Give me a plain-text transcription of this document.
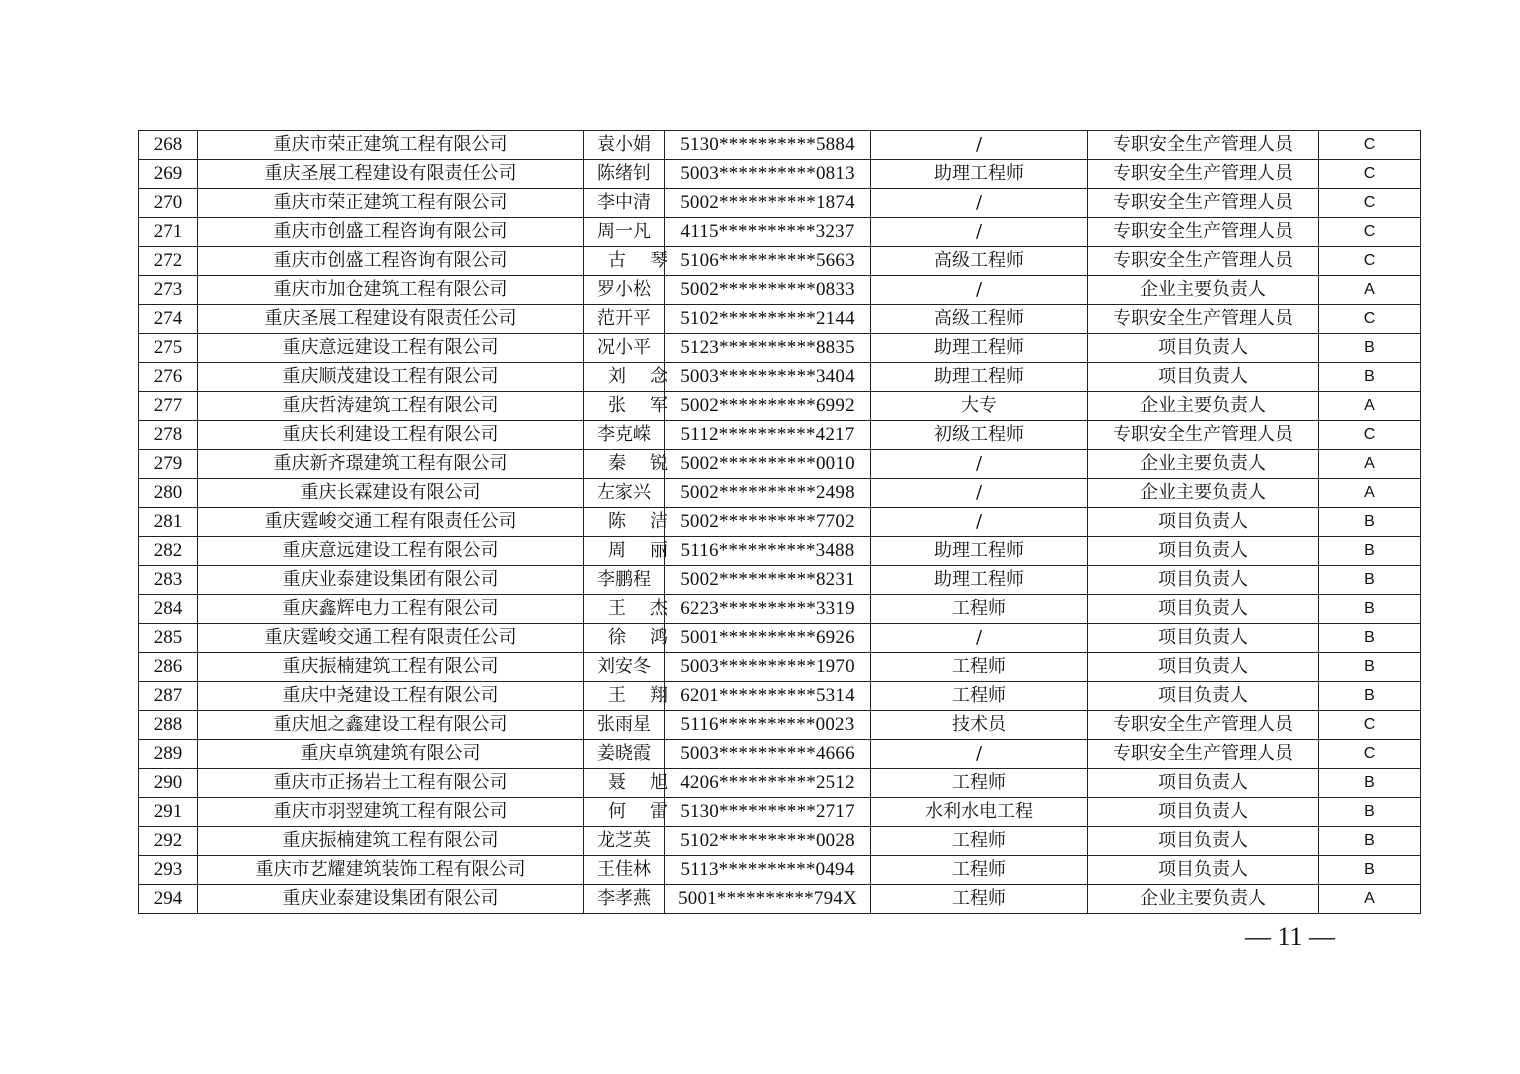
268	重庆市荣正建筑工程有限公司	袁小娟	5130**********5884	/	专职安全生产管理人员	C
269	重庆圣展工程建设有限责任公司	陈绪钊	5003**********0813	助理工程师	专职安全生产管理人员	C
270	重庆市荣正建筑工程有限公司	李中清	5002**********1874	/	专职安全生产管理人员	C
271	重庆市创盛工程咨询有限公司	周一凡	4115**********3237	/	专职安全生产管理人员	C
272	重庆市创盛工程咨询有限公司	古琴	5106**********5663	高级工程师	专职安全生产管理人员	C
273	重庆市加仓建筑工程有限公司	罗小松	5002**********0833	/	企业主要负责人	A
274	重庆圣展工程建设有限责任公司	范开平	5102**********2144	高级工程师	专职安全生产管理人员	C
275	重庆意远建设工程有限公司	况小平	5123**********8835	助理工程师	项目负责人	B
276	重庆顺茂建设工程有限公司	刘念	5003**********3404	助理工程师	项目负责人	B
277	重庆哲涛建筑工程有限公司	张军	5002**********6992	大专	企业主要负责人	A
278	重庆长利建设工程有限公司	李克嵘	5112**********4217	初级工程师	专职安全生产管理人员	C
279	重庆新齐璟建筑工程有限公司	秦锐	5002**********0010	/	企业主要负责人	A
280	重庆长霖建设有限公司	左家兴	5002**********2498	/	企业主要负责人	A
281	重庆霆峻交通工程有限责任公司	陈洁	5002**********7702	/	项目负责人	B
282	重庆意远建设工程有限公司	周丽	5116**********3488	助理工程师	项目负责人	B
283	重庆业泰建设集团有限公司	李鹏程	5002**********8231	助理工程师	项目负责人	B
284	重庆鑫辉电力工程有限公司	王杰	6223**********3319	工程师	项目负责人	B
285	重庆霆峻交通工程有限责任公司	徐鸿	5001**********6926	/	项目负责人	B
286	重庆振楠建筑工程有限公司	刘安冬	5003**********1970	工程师	项目负责人	B
287	重庆中尧建设工程有限公司	王翔	6201**********5314	工程师	项目负责人	B
288	重庆旭之鑫建设工程有限公司	张雨星	5116**********0023	技术员	专职安全生产管理人员	C
289	重庆卓筑建筑有限公司	姜晓霞	5003**********4666	/	专职安全生产管理人员	C
290	重庆市正扬岩土工程有限公司	聂旭	4206**********2512	工程师	项目负责人	B
291	重庆市羽翌建筑工程有限公司	何雷	5130**********2717	水利水电工程	项目负责人	B
292	重庆振楠建筑工程有限公司	龙芝英	5102**********0028	工程师	项目负责人	B
293	重庆市艺耀建筑装饰工程有限公司	王佳林	5113**********0494	工程师	项目负责人	B
294	重庆业泰建设集团有限公司	李孝燕	5001**********794X	工程师	企业主要负责人	A
— 11 —
